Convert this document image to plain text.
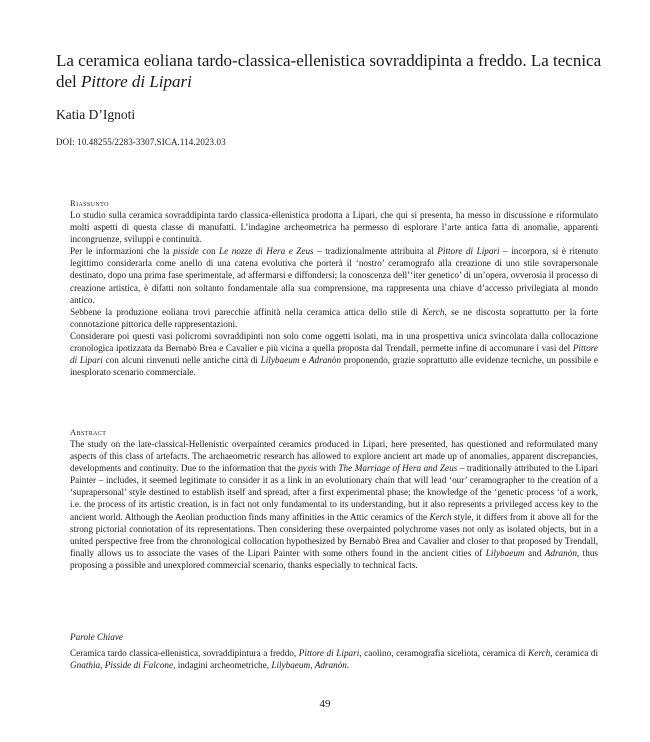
La ceramica eoliana tardo-classica-ellenistica sovraddipinta a freddo. La tecnica del Pittore di Lipari
Katia D’Ignoti
DOI: 10.48255/2283-3307.SICA.114.2023.03
Riassunto

Lo studio sulla ceramica sovraddipinta tardo classica-ellenistica prodotta a Lipari, che qui si presenta, ha messo in discussione e riformulato molti aspetti di questa classe di manufatti. L’indagine archeometrica ha permesso di esplorare l’arte antica fatta di anomalie, apparenti incongruenze, sviluppi e continuità.

Per le informazioni che la pisside con Le nozze di Hera e Zeus – tradizionalmente attribuita al Pittore di Lipari – incorpora, si è ritenuto legittimo considerarla come anello di una catena evolutiva che porterà il ‘nostro’ ceramografo alla creazione di uno stile sovrapersonale destinato, dopo una prima fase sperimentale, ad affermarsi e diffondersi; la conoscenza dell’‘iter genetico’ di un’opera, ovverosia il processo di creazione artistica, è difatti non soltanto fondamentale alla sua comprensione, ma rappresenta una chiave d’accesso privilegiata al mondo antico.

Sebbene la produzione eoliana trovi parecchie affinità nella ceramica attica dello stile di Kerch, se ne discosta soprattutto per la forte connotazione pittorica delle rappresentazioni.

Considerare poi questi vasi policromi sovraddipinti non solo come oggetti isolati, ma in una prospettiva unica svincolata dalla collocazione cronologica ipotizzata da Bernabò Brea e Cavalier e più vicina a quella proposta dal Trendall, permette infine di accomunare i vasi del Pittore di Lipari con alcuni rinvenuti nelle antiche città di Lilybaeum e Adranòn proponendo, grazie soprattutto alle evidenze tecniche, un possibile e inesplorato scenario commerciale.

Abstract

The study on the late-classical-Hellenistic overpainted ceramics produced in Lipari, here presented, has questioned and reformulated many aspects of this class of artefacts. The archaeometric research has allowed to explore ancient art made up of anomalies, apparent discrepancies, developments and continuity. Due to the information that the pyxis with The Marriage of Hera and Zeus – traditionally attributed to the Lipari Painter – includes, it seemed legitimate to consider it as a link in an evolutionary chain that will lead ‘our’ ceramographer to the creation of a ‘suprapersonal’ style destined to establish itself and spread, after a first experimental phase; the knowledge of the ‘genetic process ‘of a work, i.e. the process of its artistic creation, is in fact not only fundamental to its understanding, but it also represents a privileged access key to the ancient world. Although the Aeolian production finds many affinities in the Attic ceramics of the Kerch style, it differs from it above all for the strong pictorial connotation of its representations. Then considering these overpainted polychrome vases not only as isolated objects, but in a united perspective free from the chronological collocation hypothesized by Bernabò Brea and Cavalier and closer to that proposed by Trendall, finally allows us to associate the vases of the Lipari Painter with some others found in the ancient cities of Lilybaeum and Adranòn, thus proposing a possible and unexplored commercial scenario, thanks especially to technical facts.

Parole Chiave
Ceramica tardo classica-ellenistica, sovraddipintura a freddo, Pittore di Lipari, caolino, ceramografia siceliota, ceramica di Kerch, ceramica di Gnathia, Pisside di Falcone, indagini archeometriche, Lilybaeum, Adranòn.
49
